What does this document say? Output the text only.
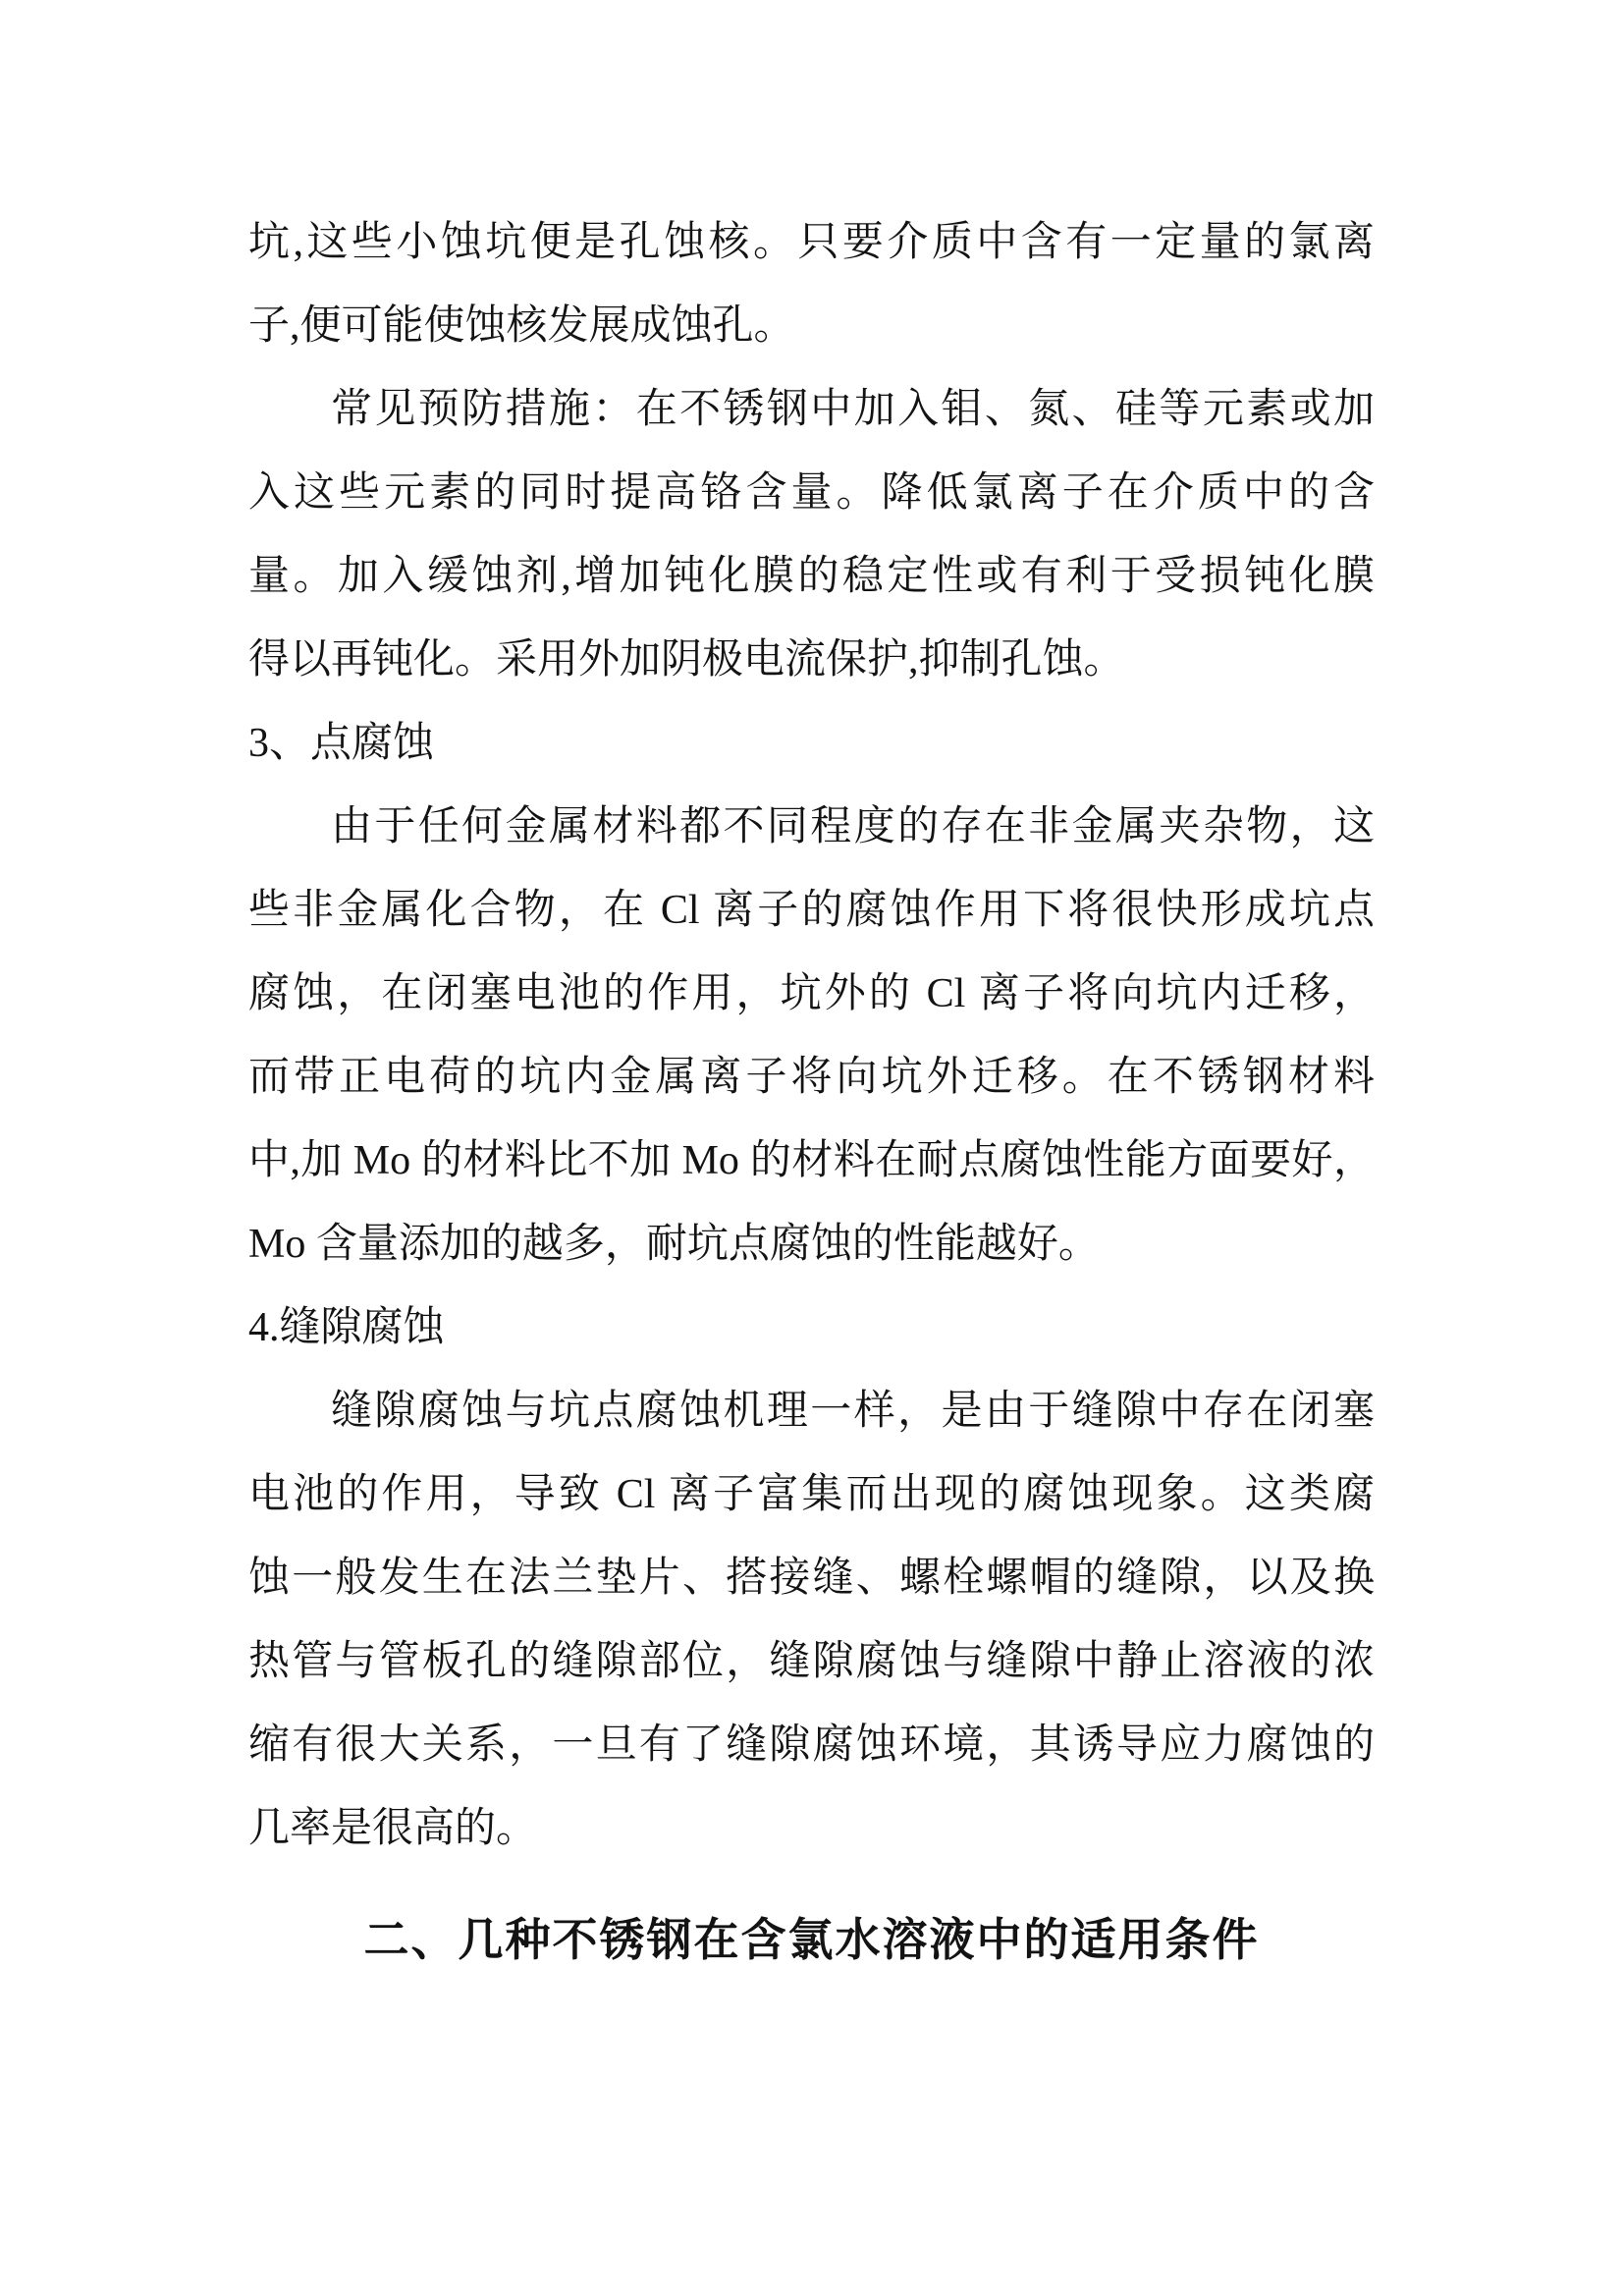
坑,这些小蚀坑便是孔蚀核。只要介质中含有一定量的氯离
子,便可能使蚀核发展成蚀孔。
常见预防措施：在不锈钢中加入钼、氮、硅等元素或加
入这些元素的同时提高铬含量。降低氯离子在介质中的含
量。加入缓蚀剂,增加钝化膜的稳定性或有利于受损钝化膜
得以再钝化。采用外加阴极电流保护,抑制孔蚀。
3、点腐蚀
由于任何金属材料都不同程度的存在非金属夹杂物，这
些非金属化合物，在 Cl 离子的腐蚀作用下将很快形成坑点
腐蚀，在闭塞电池的作用，坑外的 Cl 离子将向坑内迁移，
而带正电荷的坑内金属离子将向坑外迁移。在不锈钢材料
中,加 Mo 的材料比不加 Mo 的材料在耐点腐蚀性能方面要好，
Mo 含量添加的越多，耐坑点腐蚀的性能越好。
4.缝隙腐蚀
缝隙腐蚀与坑点腐蚀机理一样，是由于缝隙中存在闭塞
电池的作用，导致 Cl 离子富集而出现的腐蚀现象。这类腐
蚀一般发生在法兰垫片、搭接缝、螺栓螺帽的缝隙，以及换
热管与管板孔的缝隙部位，缝隙腐蚀与缝隙中静止溶液的浓
缩有很大关系，一旦有了缝隙腐蚀环境，其诱导应力腐蚀的
几率是很高的。
二、几种不锈钢在含氯水溶液中的适用条件
